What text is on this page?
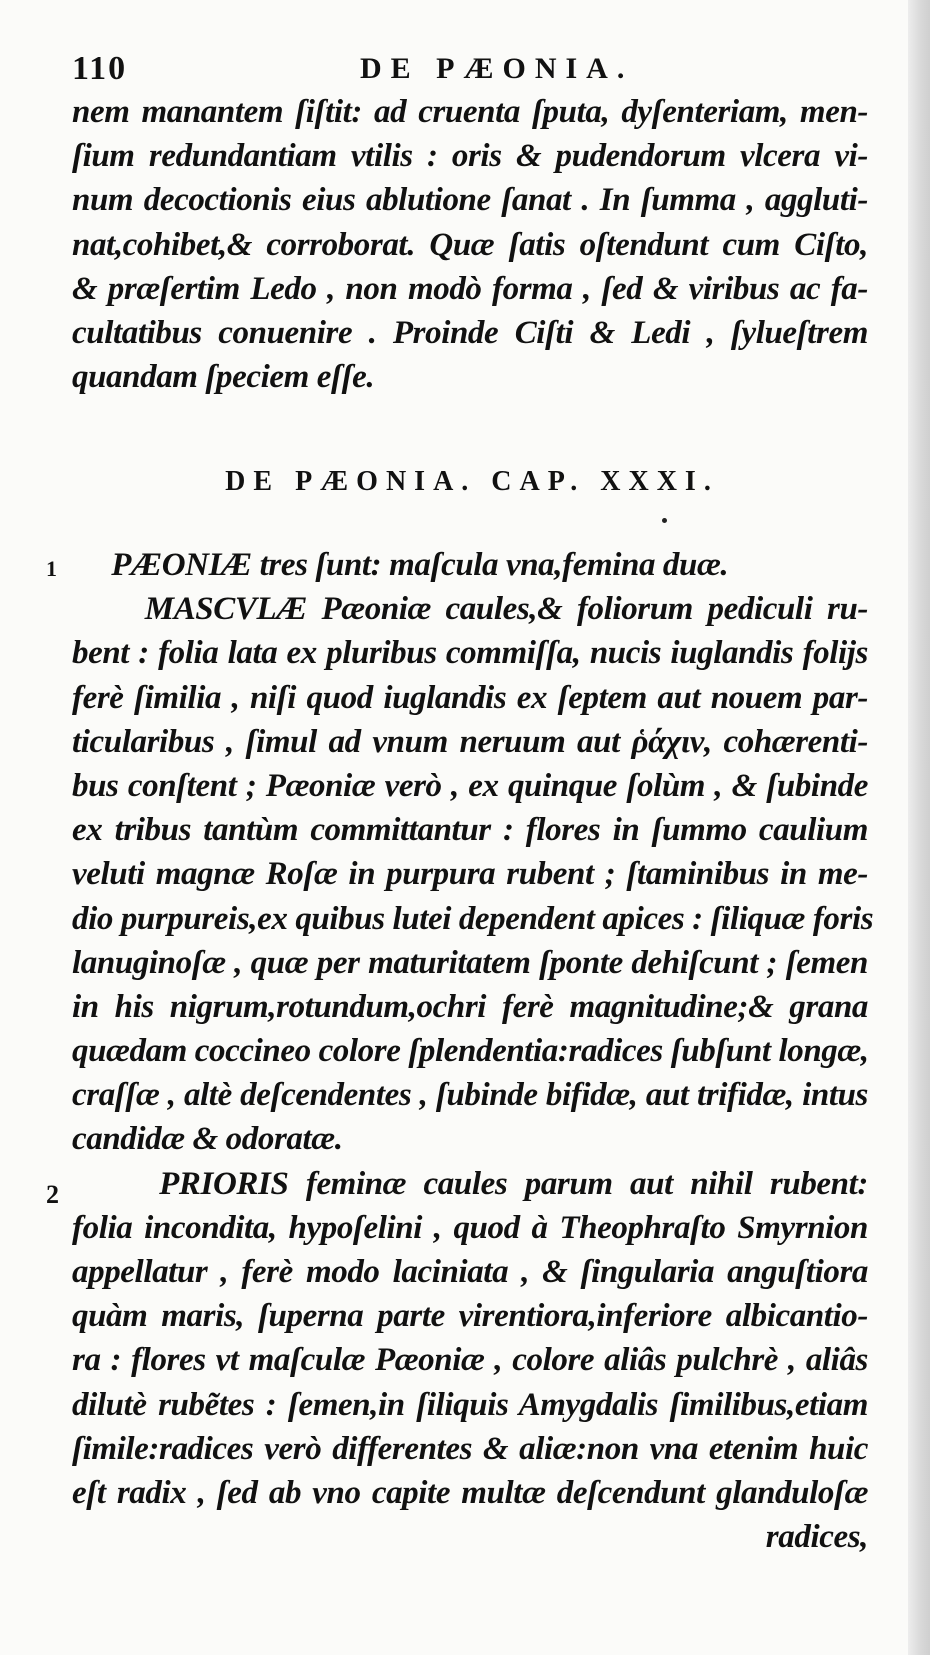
110	DE PÆONIA.
nem manantem ſiſtit: ad cruenta ſputa, dyſenteriam, men-
ſium redundantiam vtilis : oris & pudendorum vlcera vi-
num decoctionis eius ablutione ſanat . In ſumma , aggluti-
nat,cohibet,& corroborat. Quæ ſatis oſtendunt cum Ciſto,
& præſertim Ledo , non modò forma , ſed & viribus ac fa-
cultatibus conuenire . Proinde Ciſti & Ledi , ſylueſtrem
quandam ſpeciem eſſe.
DE PÆONIA. CAP. XXXI.
1
2
PÆONIÆ tres ſunt: maſcula vna,femina duæ.
MASCVLÆ Pæoniæ caules,& foliorum pediculi ru-
bent : folia lata ex pluribus commiſſa, nucis iuglandis folijs
ferè ſimilia , niſi quod iuglandis ex ſeptem aut nouem par-
ticularibus , ſimul ad vnum neruum aut ῥάχιν, cohærenti-
bus conſtent ; Pæoniæ verò , ex quinque ſolùm , & ſubinde
ex tribus tantùm committantur : flores in ſummo caulium
veluti magnæ Roſæ in purpura rubent ; ſtaminibus in me-
dio purpureis,ex quibus lutei dependent apices : ſiliquæ foris
lanuginoſæ , quæ per maturitatem ſponte dehiſcunt ; ſemen
in his nigrum,rotundum,ochri ferè magnitudine;& grana
quædam coccineo colore ſplendentia:radices ſubſunt longæ,
craſſæ , altè deſcendentes , ſubinde bifidæ, aut trifidæ, intus
candidæ & odoratæ.
PRIORIS feminæ caules parum aut nihil rubent:
folia incondita, hypoſelini , quod à Theophraſto Smyrnion
appellatur , ferè modo laciniata , & ſingularia anguſtiora
quàm maris, ſuperna parte virentiora,inferiore albicantio-
ra : flores vt maſculæ Pæoniæ , colore aliâs pulchrè , aliâs
dilutè rubẽtes : ſemen,in ſiliquis Amygdalis ſimilibus,etiam
ſimile:radices verò differentes & aliæ:non vna etenim huic
eſt radix , ſed ab vno capite multæ deſcendunt glanduloſæ
radices,
